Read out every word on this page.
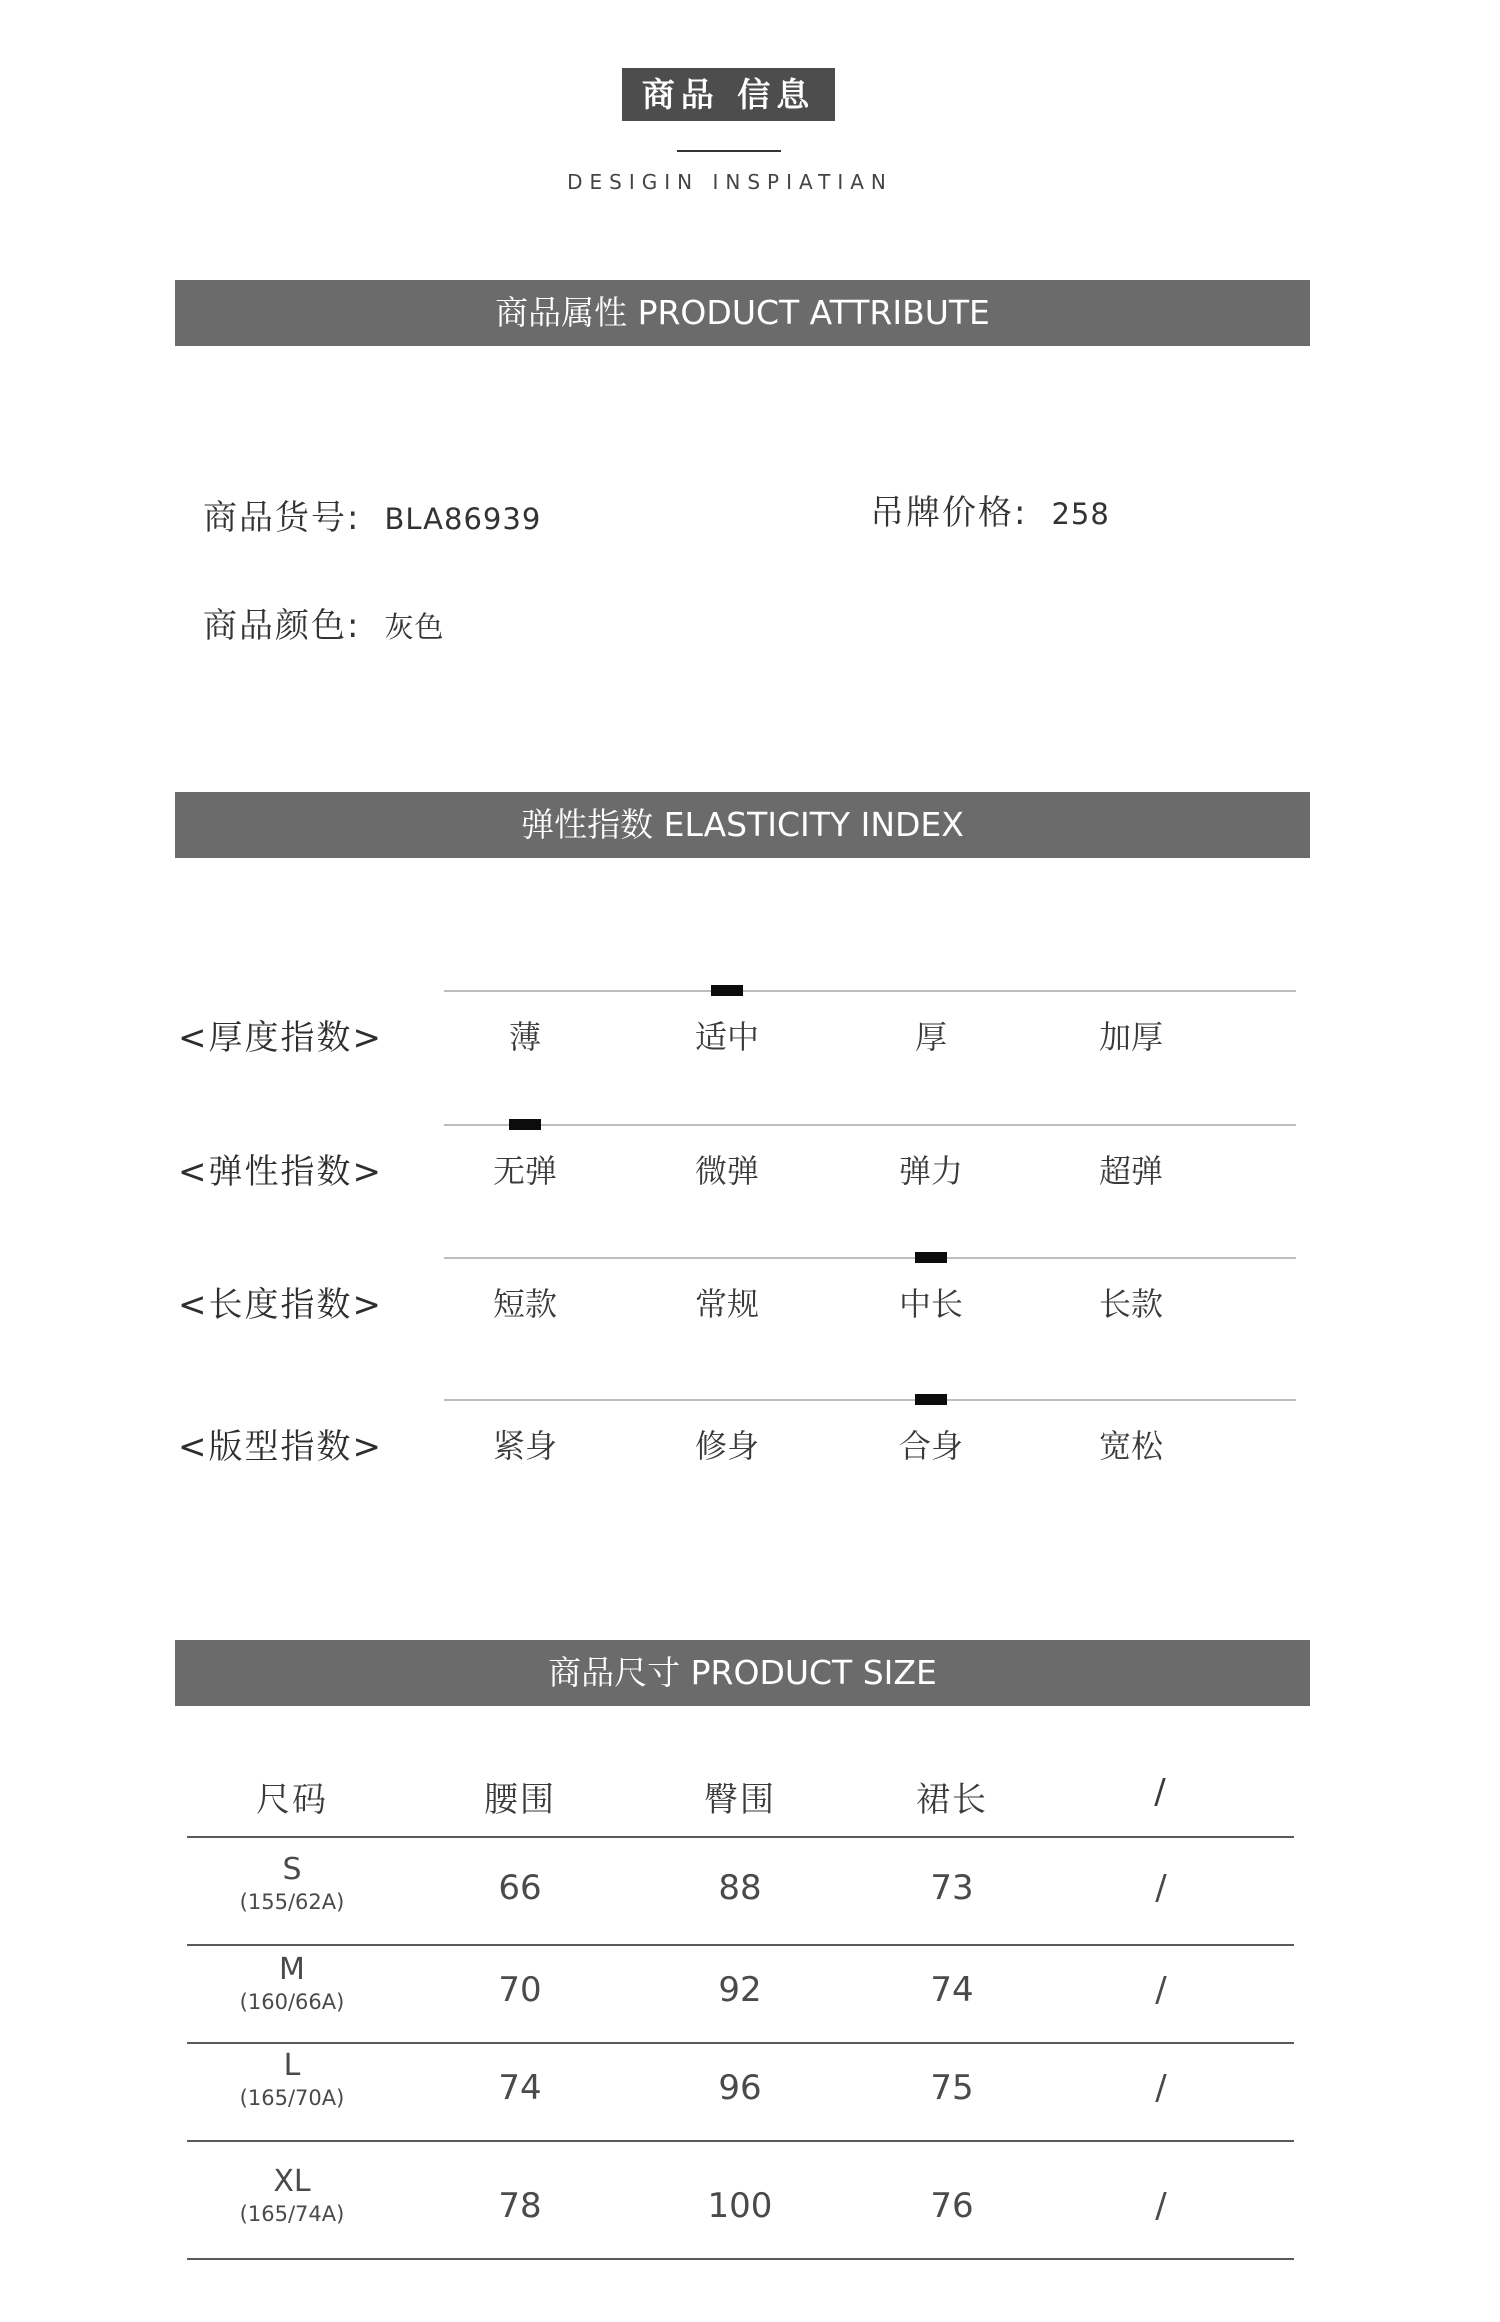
商品 信息
DESIGIN INSPIATIAN
商品属性 PRODUCT ATTRIBUTE
商品货号: BLA86939	吊牌价格: 258
商品颜色: 灰色
弹性指数 ELASTICITY INDEX
<厚度指数>	薄	适中	厚	加厚
<弹性指数>	无弹	微弹	弹力	超弹
<长度指数>	短款	常规	中长	长款
<版型指数>	紧身	修身	合身	宽松
商品尺寸 PRODUCT SIZE
尺码	腰围	臀围	裙长	/
S
(155/62A)	66	88	73	/
M
(160/66A)	70	92	74	/
L
(165/70A)	74	96	75	/
XL
(165/74A)	78	100	76	/
